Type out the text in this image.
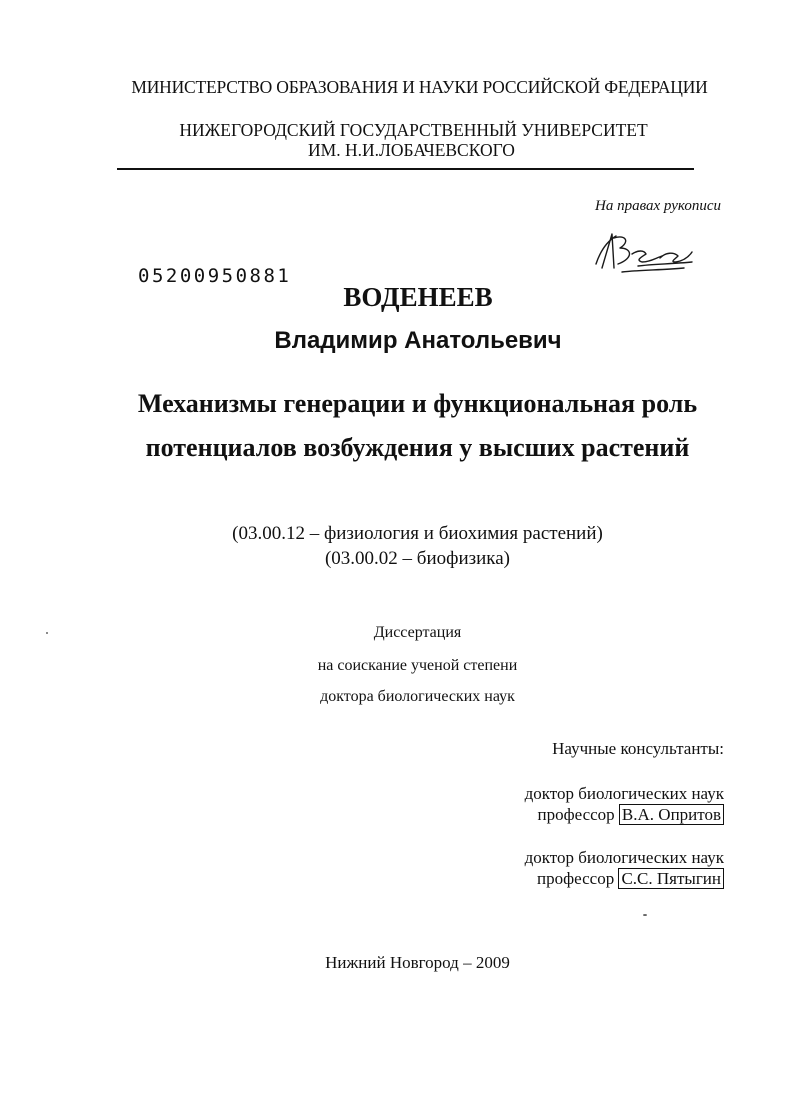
МИНИСТЕРСТВО ОБРАЗОВАНИЯ И НАУКИ РОССИЙСКОЙ ФЕДЕРАЦИИ
НИЖЕГОРОДСКИЙ ГОСУДАРСТВЕННЫЙ УНИВЕРСИТЕТ
ИМ. Н.И.ЛОБАЧЕВСКОГО
На правах рукописи
05200950881
ВОДЕНЕЕВ
Владимир Анатольевич
Механизмы генерации и функциональная роль
потенциалов возбуждения у высших растений
(03.00.12 – физиология и биохимия растений)
(03.00.02 – биофизика)
Диссертация
на соискание ученой степени
доктора биологических наук
Научные консультанты:
доктор биологических наук
профессор В.А. Опритов
доктор биологических наук
профессор С.С. Пятыгин
Нижний Новгород – 2009
